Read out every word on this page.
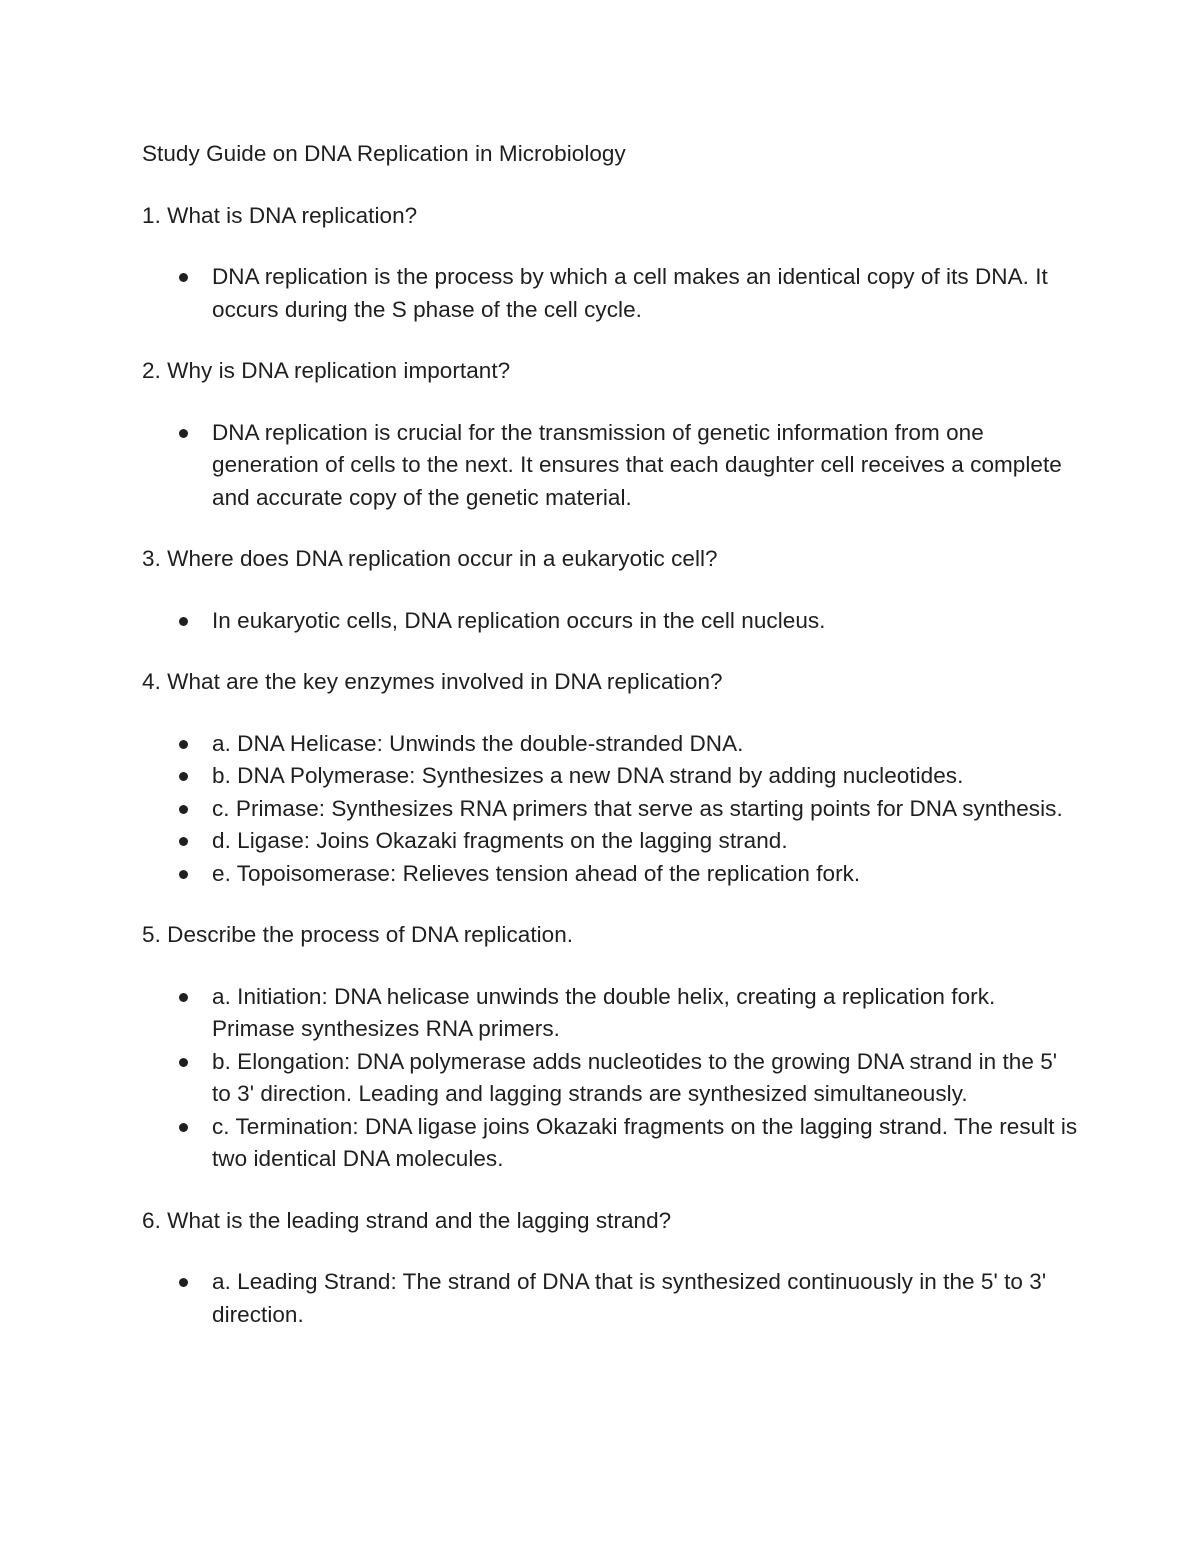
Study Guide on DNA Replication in Microbiology

1. What is DNA replication?

DNA replication is the process by which a cell makes an identical copy of its DNA. It occurs during the S phase of the cell cycle.

2. Why is DNA replication important?

DNA replication is crucial for the transmission of genetic information from one generation of cells to the next. It ensures that each daughter cell receives a complete and accurate copy of the genetic material.

3. Where does DNA replication occur in a eukaryotic cell?

In eukaryotic cells, DNA replication occurs in the cell nucleus.

4. What are the key enzymes involved in DNA replication?

a. DNA Helicase: Unwinds the double-stranded DNA.
b. DNA Polymerase: Synthesizes a new DNA strand by adding nucleotides.
c. Primase: Synthesizes RNA primers that serve as starting points for DNA synthesis.
d. Ligase: Joins Okazaki fragments on the lagging strand.
e. Topoisomerase: Relieves tension ahead of the replication fork.

5. Describe the process of DNA replication.

a. Initiation: DNA helicase unwinds the double helix, creating a replication fork. Primase synthesizes RNA primers.
b. Elongation: DNA polymerase adds nucleotides to the growing DNA strand in the 5' to 3' direction. Leading and lagging strands are synthesized simultaneously.
c. Termination: DNA ligase joins Okazaki fragments on the lagging strand. The result is two identical DNA molecules.

6. What is the leading strand and the lagging strand?

a. Leading Strand: The strand of DNA that is synthesized continuously in the 5' to 3' direction.
